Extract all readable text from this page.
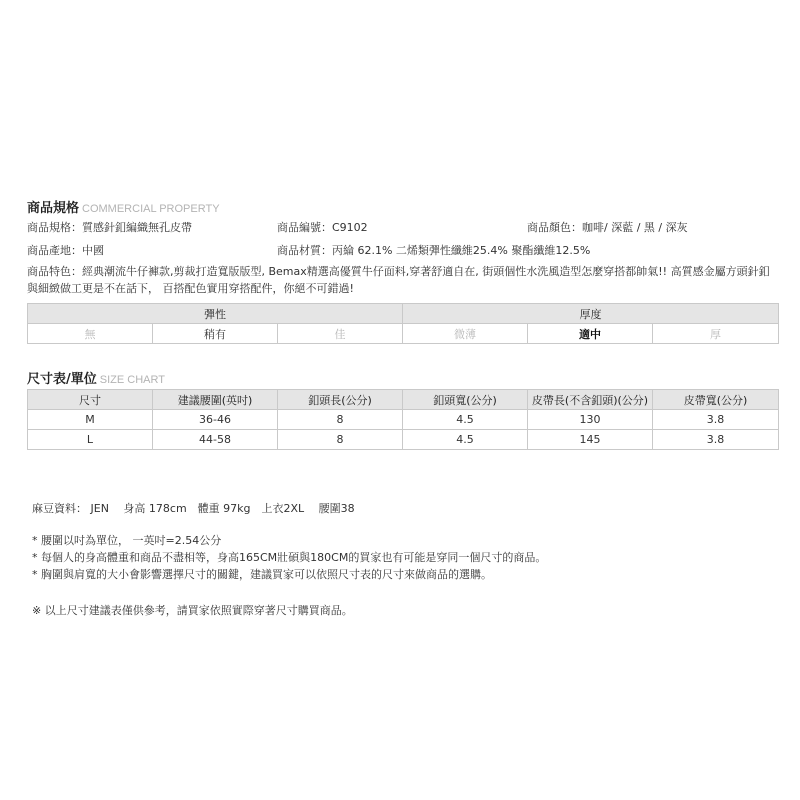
商品規格 COMMERCIAL PROPERTY
商品規格：質感針釦編織無孔皮帶	商品編號：C9102	商品顏色：咖啡/ 深藍 / 黑 / 深灰
商品產地：中國	商品材質：丙綸 62.1% 二烯類彈性纖維25.4% 聚酯纖維12.5%
商品特色：經典潮流牛仔褲款,剪裁打造寬版版型, Bemax精選高優質牛仔面料,穿著舒適自在, 街頭個性水洗風造型怎麼穿搭都帥氣!! 高質感金屬方頭針釦與細緻做工更是不在話下， 百搭配色實用穿搭配件，你絕不可錯過!
彈性			厚度		
無	稍有	佳	微薄	適中	厚
尺寸表/單位 SIZE CHART
尺寸	建議腰圍(英吋)	釦頭長(公分)	釦頭寬(公分)	皮帶長(不含釦頭)(公分)	皮帶寬(公分)
M	36-46	8	4.5	130	3.8
L	44-58	8	4.5	145	3.8
麻豆資料： JEN　 身高 178cm　體重 97kg　上衣2XL　 腰圍38
* 腰圍以吋為單位， 一英吋=2.54公分
* 每個人的身高體重和商品不盡相等，身高165CM壯碩與180CM的買家也有可能是穿同一個尺寸的商品。
* 胸圍與肩寬的大小會影響選擇尺寸的關鍵，建議買家可以依照尺寸表的尺寸來做商品的選購。
※ 以上尺寸建議表僅供參考，請買家依照實際穿著尺寸購買商品。
